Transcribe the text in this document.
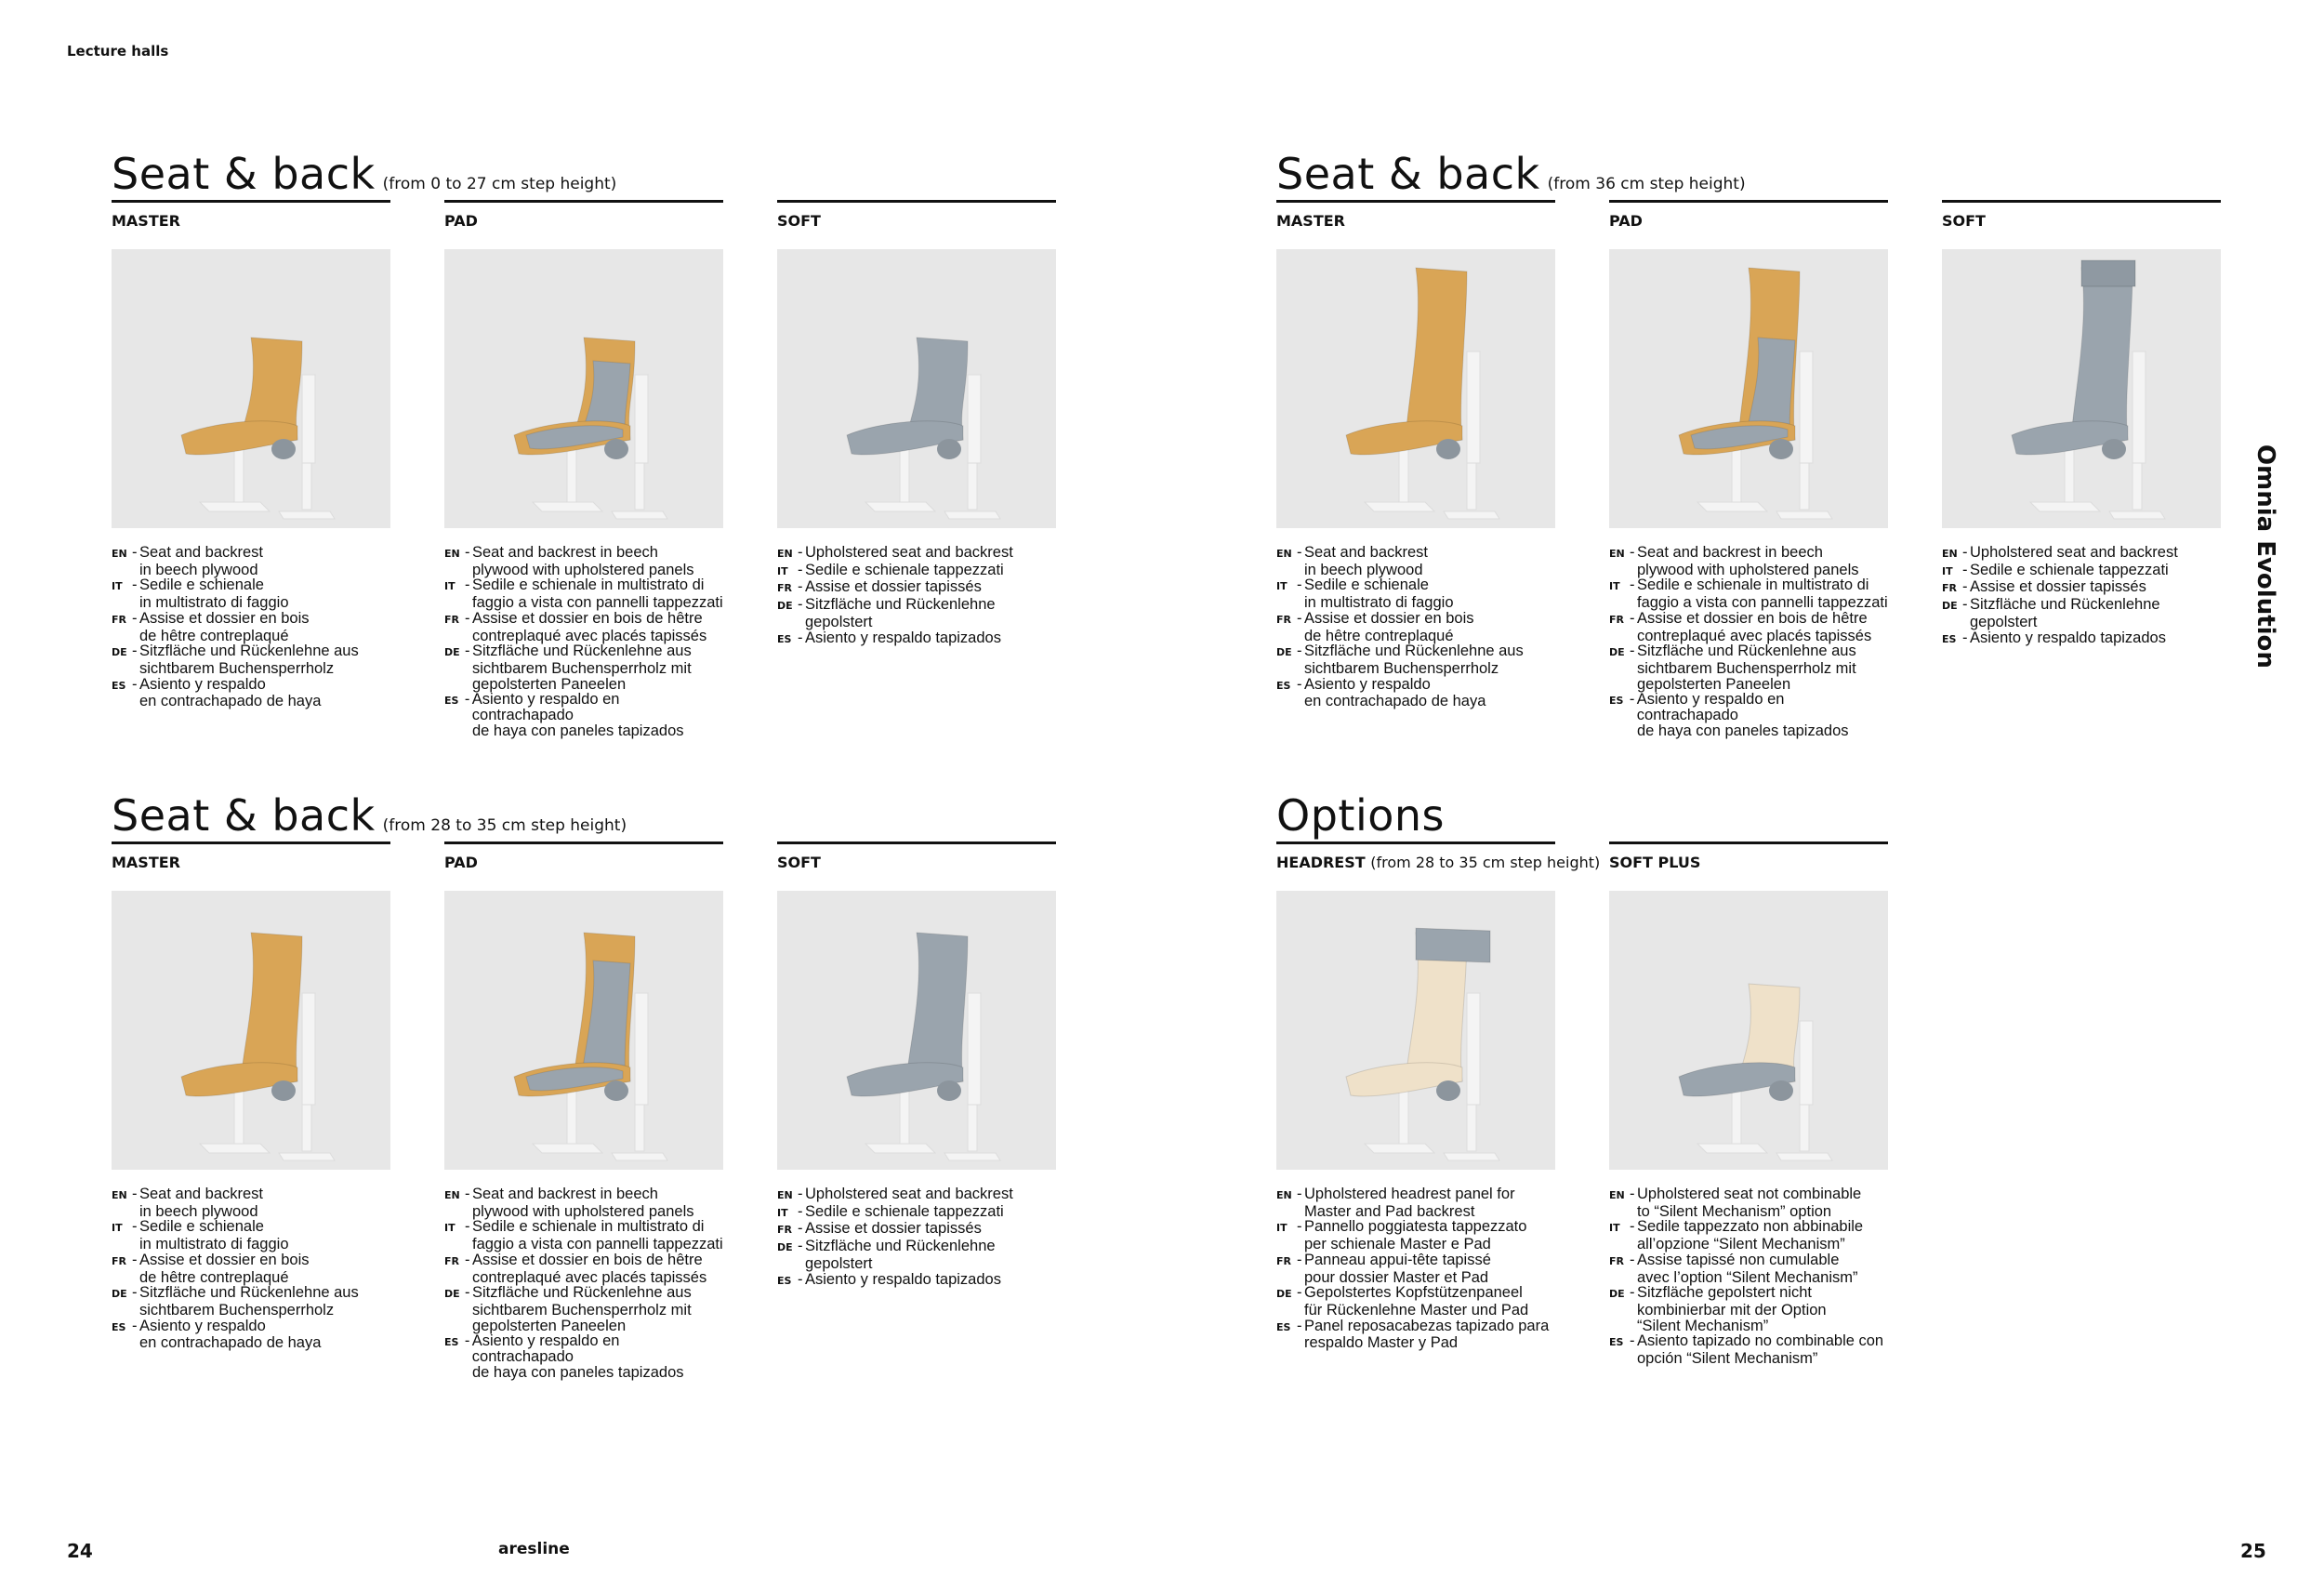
Lecture halls
Omnia Evolution
Seat & back (from 0 to 27 cm step height)
MASTER
EN - Seat and backrest
in beech plywood
IT - Sedile e schienale
in multistrato di faggio
FR - Assise et dossier en bois
de hêtre contreplaqué
DE - Sitzfläche und Rückenlehne aus
sichtbarem Buchensperrholz
ES - Asiento y respaldo
en contrachapado de haya
PAD
EN - Seat and backrest in beech
plywood with upholstered panels
IT - Sedile e schienale in multistrato di
faggio a vista con pannelli tappezzati
FR - Assise et dossier en bois de hêtre
contreplaqué avec placés tapissés
DE - Sitzfläche und Rückenlehne aus
sichtbarem Buchensperrholz mit
gepolsterten Paneelen
ES - Asiento y respaldo en contrachapado
de haya con paneles tapizados
SOFT
EN - Upholstered seat and backrest
IT - Sedile e schienale tappezzati
FR - Assise et dossier tapissés
DE - Sitzfläche und Rückenlehne
gepolstert
ES - Asiento y respaldo tapizados
Seat & back (from 36 cm step height)
MASTER
EN - Seat and backrest
in beech plywood
IT - Sedile e schienale
in multistrato di faggio
FR - Assise et dossier en bois
de hêtre contreplaqué
DE - Sitzfläche und Rückenlehne aus
sichtbarem Buchensperrholz
ES - Asiento y respaldo
en contrachapado de haya
PAD
EN - Seat and backrest in beech
plywood with upholstered panels
IT - Sedile e schienale in multistrato di
faggio a vista con pannelli tappezzati
FR - Assise et dossier en bois de hêtre
contreplaqué avec placés tapissés
DE - Sitzfläche und Rückenlehne aus
sichtbarem Buchensperrholz mit
gepolsterten Paneelen
ES - Asiento y respaldo en contrachapado
de haya con paneles tapizados
SOFT
EN - Upholstered seat and backrest
IT - Sedile e schienale tappezzati
FR - Assise et dossier tapissés
DE - Sitzfläche und Rückenlehne
gepolstert
ES - Asiento y respaldo tapizados
Seat & back (from 28 to 35 cm step height)
MASTER
EN - Seat and backrest
in beech plywood
IT - Sedile e schienale
in multistrato di faggio
FR - Assise et dossier en bois
de hêtre contreplaqué
DE - Sitzfläche und Rückenlehne aus
sichtbarem Buchensperrholz
ES - Asiento y respaldo
en contrachapado de haya
PAD
EN - Seat and backrest in beech
plywood with upholstered panels
IT - Sedile e schienale in multistrato di
faggio a vista con pannelli tappezzati
FR - Assise et dossier en bois de hêtre
contreplaqué avec placés tapissés
DE - Sitzfläche und Rückenlehne aus
sichtbarem Buchensperrholz mit
gepolsterten Paneelen
ES - Asiento y respaldo en contrachapado
de haya con paneles tapizados
SOFT
EN - Upholstered seat and backrest
IT - Sedile e schienale tappezzati
FR - Assise et dossier tapissés
DE - Sitzfläche und Rückenlehne
gepolstert
ES - Asiento y respaldo tapizados
Options
HEADREST (from 28 to 35 cm step height)
EN - Upholstered headrest panel for
Master and Pad backrest
IT - Pannello poggiatesta tappezzato
per schienale Master e Pad
FR - Panneau appui-tête tapissé
pour dossier Master et Pad
DE - Gepolstertes Kopfstützenpaneel
für Rückenlehne Master und Pad
ES - Panel reposacabezas tapizado para
respaldo Master y Pad
SOFT PLUS
EN - Upholstered seat not combinable
to “Silent Mechanism” option
IT - Sedile tappezzato non abbinabile
all’opzione “Silent Mechanism”
FR - Assise tapissé non cumulable
avec l’option “Silent Mechanism”
DE - Sitzfläche gepolstert nicht
kombinierbar mit der Option
“Silent Mechanism”
ES - Asiento tapizado no combinable con
opción “Silent Mechanism”
24	aresline	25
